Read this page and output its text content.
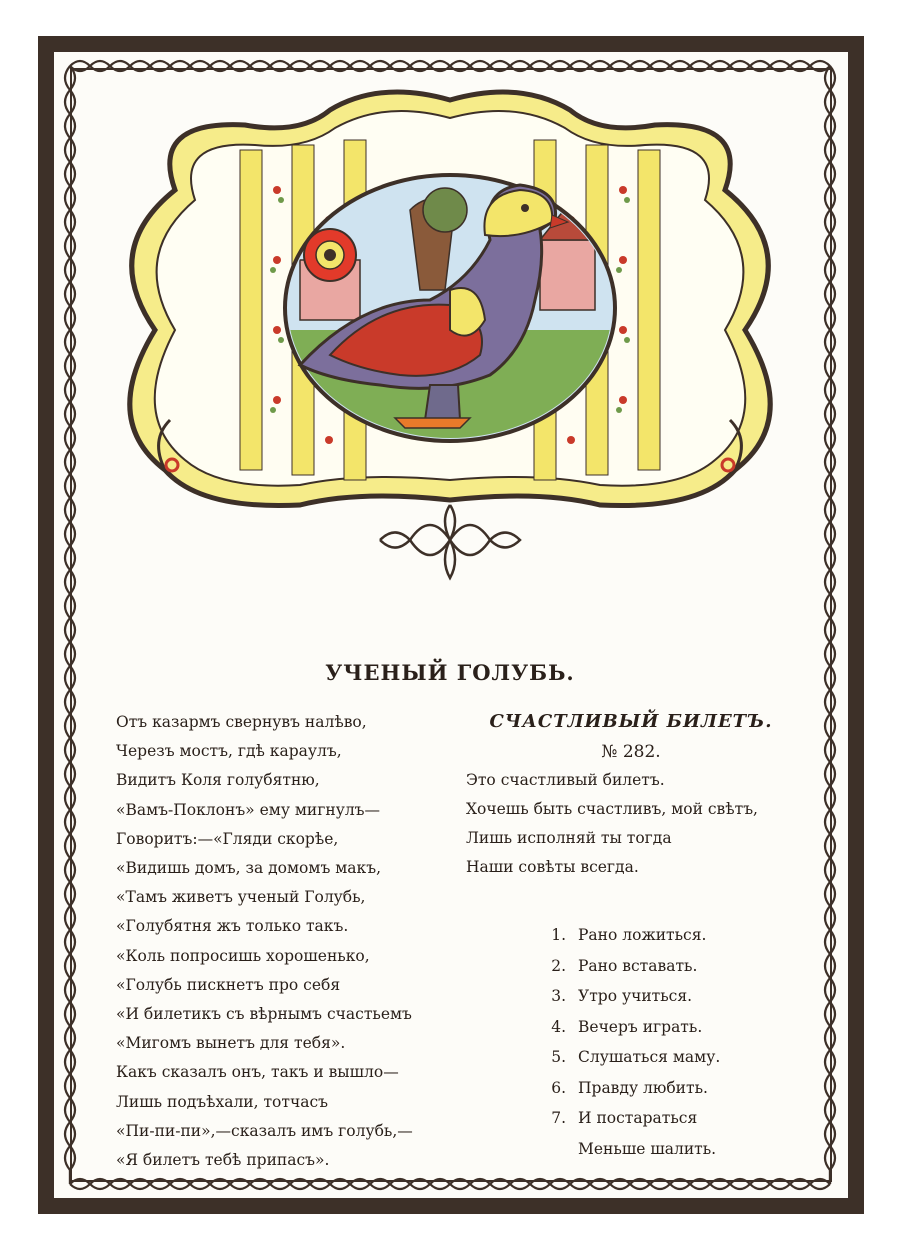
УЧЕНЫЙ ГОЛУБЬ.
Отъ казармъ свернувъ налѣво,
Черезъ мостъ, гдѣ караулъ,
Видитъ Коля голубятню,
«Вамъ-Поклонъ» ему мигнулъ—
Говоритъ:—«Гляди скорѣе,
«Видишь домъ, за домомъ макъ,
«Тамъ живетъ ученый Голубь,
«Голубятня жъ только такъ.
«Коль попросишь хорошенько,
«Голубь пискнетъ про себя
«И билетикъ съ вѣрнымъ счастьемъ
«Мигомъ вынетъ для тебя».
Какъ сказалъ онъ, такъ и вышло—
Лишь подъѣхали, тотчасъ
«Пи-пи-пи»,—сказалъ имъ голубь,—
«Я билетъ тебѣ припасъ».
СЧАСТЛИВЫЙ БИЛЕТЪ.
№ 282.
Это счастливый билетъ.
Хочешь быть счастливъ, мой свѣтъ,
Лишь исполняй ты тогда
Наши совѣты всегда.
1. Рано ложиться.
2. Рано вставать.
3. Утро учиться.
4. Вечеръ играть.
5. Слушаться маму.
6. Правду любить.
7. И постараться
Меньше шалить.
